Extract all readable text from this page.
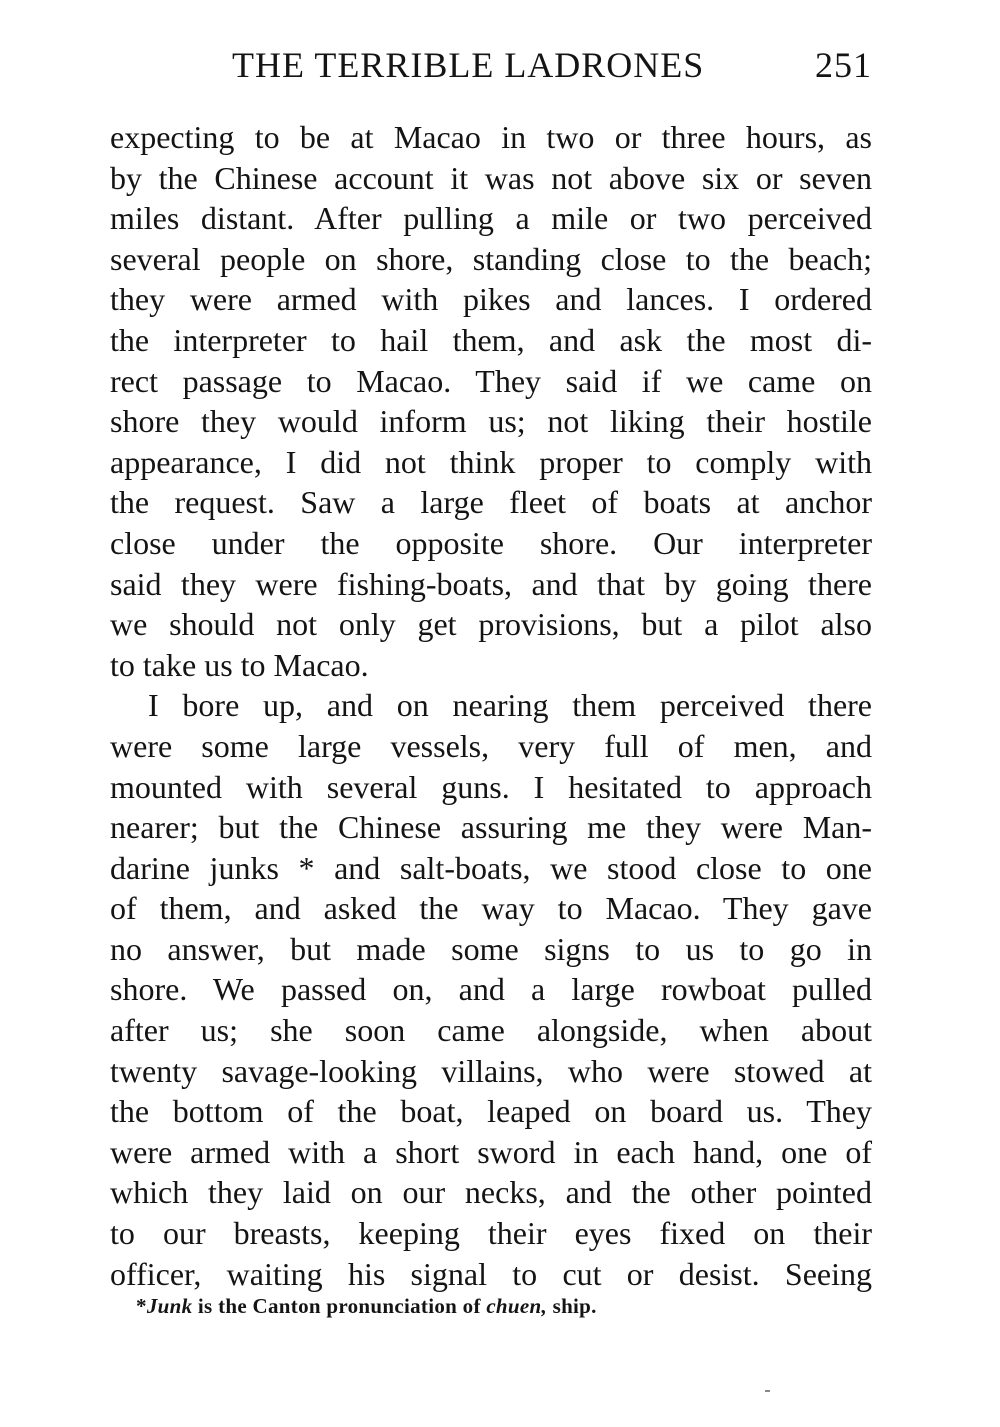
THE TERRIBLE LADRONES	251
expecting to be at Macao in two or three hours, as
by the Chinese account it was not above six or seven
miles distant. After pulling a mile or two perceived
several people on shore, standing close to the beach;
they were armed with pikes and lances. I ordered
the interpreter to hail them, and ask the most di-
rect passage to Macao. They said if we came on
shore they would inform us; not liking their hostile
appearance, I did not think proper to comply with
the request. Saw a large fleet of boats at anchor
close under the opposite shore. Our interpreter
said they were fishing-boats, and that by going there
we should not only get provisions, but a pilot also
to take us to Macao.
I bore up, and on nearing them perceived there
were some large vessels, very full of men, and
mounted with several guns. I hesitated to approach
nearer; but the Chinese assuring me they were Man-
darine junks * and salt-boats, we stood close to one
of them, and asked the way to Macao. They gave
no answer, but made some signs to us to go in
shore. We passed on, and a large rowboat pulled
after us; she soon came alongside, when about
twenty savage-looking villains, who were stowed at
the bottom of the boat, leaped on board us. They
were armed with a short sword in each hand, one of
which they laid on our necks, and the other pointed
to our breasts, keeping their eyes fixed on their
officer, waiting his signal to cut or desist. Seeing
*Junk is the Canton pronunciation of chuen, ship.
